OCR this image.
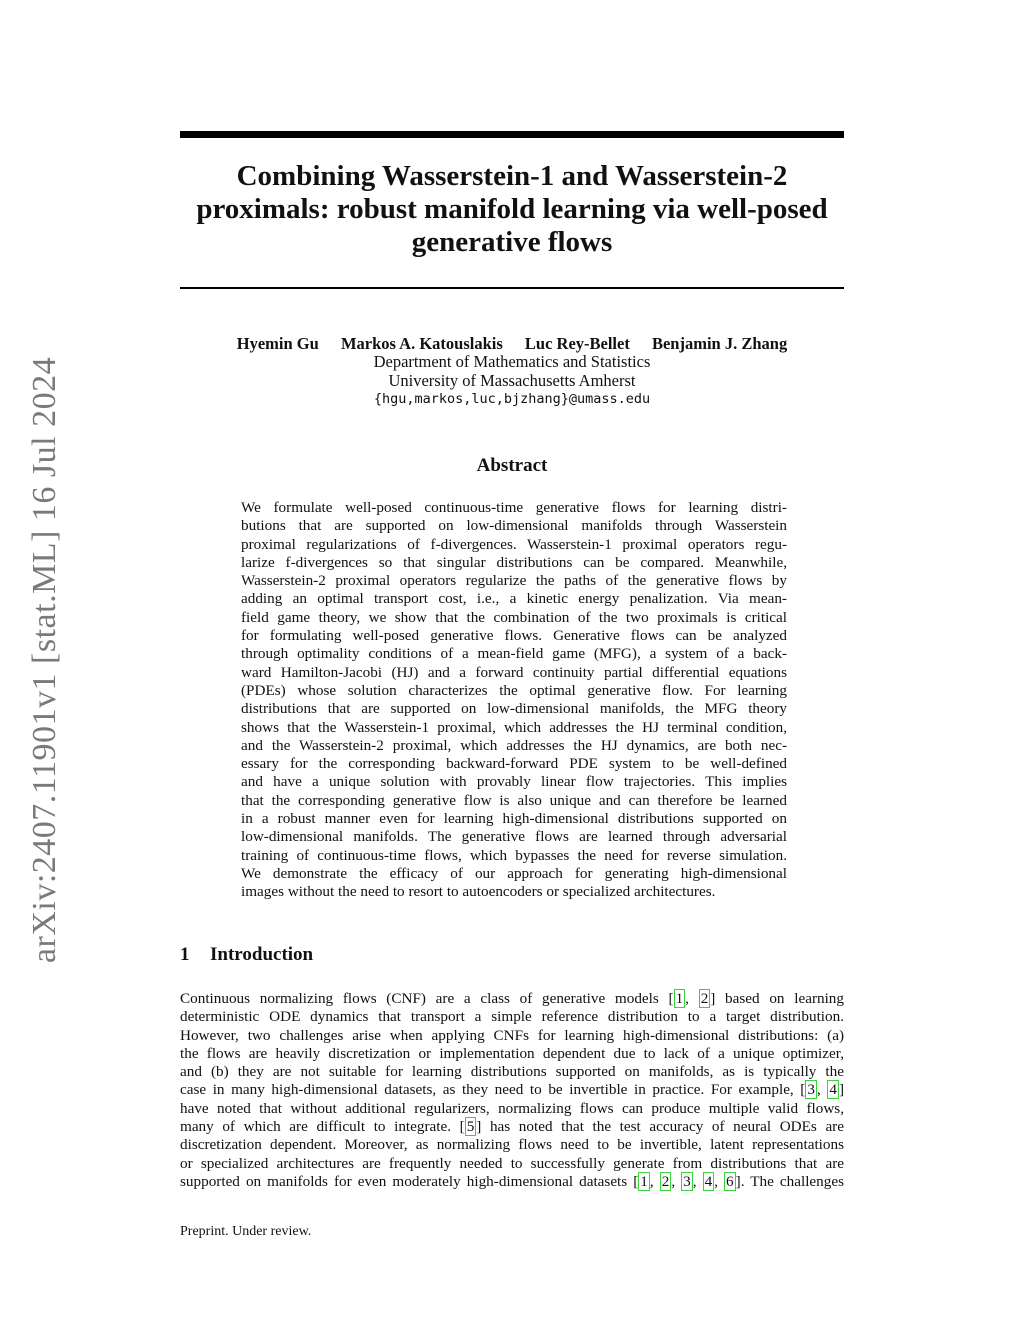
arXiv:2407.11901v1 [stat.ML] 16 Jul 2024
Combining Wasserstein-1 and Wasserstein-2
proximals: robust manifold learning via well-posed
generative flows
Hyemin Gu Markos A. Katouslakis Luc Rey-Bellet Benjamin J. Zhang
Department of Mathematics and Statistics
University of Massachusetts Amherst
{hgu,markos,luc,bjzhang}@umass.edu
Abstract
We formulate well-posed continuous-time generative flows for learning distri-
butions that are supported on low-dimensional manifolds through Wasserstein
proximal regularizations of f-divergences. Wasserstein-1 proximal operators regu-
larize f-divergences so that singular distributions can be compared. Meanwhile,
Wasserstein-2 proximal operators regularize the paths of the generative flows by
adding an optimal transport cost, i.e., a kinetic energy penalization. Via mean-
field game theory, we show that the combination of the two proximals is critical
for formulating well-posed generative flows. Generative flows can be analyzed
through optimality conditions of a mean-field game (MFG), a system of a back-
ward Hamilton-Jacobi (HJ) and a forward continuity partial differential equations
(PDEs) whose solution characterizes the optimal generative flow. For learning
distributions that are supported on low-dimensional manifolds, the MFG theory
shows that the Wasserstein-1 proximal, which addresses the HJ terminal condition,
and the Wasserstein-2 proximal, which addresses the HJ dynamics, are both nec-
essary for the corresponding backward-forward PDE system to be well-defined
and have a unique solution with provably linear flow trajectories. This implies
that the corresponding generative flow is also unique and can therefore be learned
in a robust manner even for learning high-dimensional distributions supported on
low-dimensional manifolds. The generative flows are learned through adversarial
training of continuous-time flows, which bypasses the need for reverse simulation.
We demonstrate the efficacy of our approach for generating high-dimensional
images without the need to resort to autoencoders or specialized architectures.
1 Introduction
Continuous normalizing flows (CNF) are a class of generative models [ 1 , 2 ] based on learning
deterministic ODE dynamics that transport a simple reference distribution to a target distribution.
However, two challenges arise when applying CNFs for learning high-dimensional distributions: (a)
the flows are heavily discretization or implementation dependent due to lack of a unique optimizer,
and (b) they are not suitable for learning distributions supported on manifolds, as is typically the
case in many high-dimensional datasets, as they need to be invertible in practice. For example, [ 3 , 4 ]
have noted that without additional regularizers, normalizing flows can produce multiple valid flows,
many of which are difficult to integrate. [ 5 ] has noted that the test accuracy of neural ODEs are
discretization dependent. Moreover, as normalizing flows need to be invertible, latent representations
or specialized architectures are frequently needed to successfully generate from distributions that are
supported on manifolds for even moderately high-dimensional datasets [ 1 , 2 , 3 , 4 , 6 ]. The challenges
Preprint. Under review.
